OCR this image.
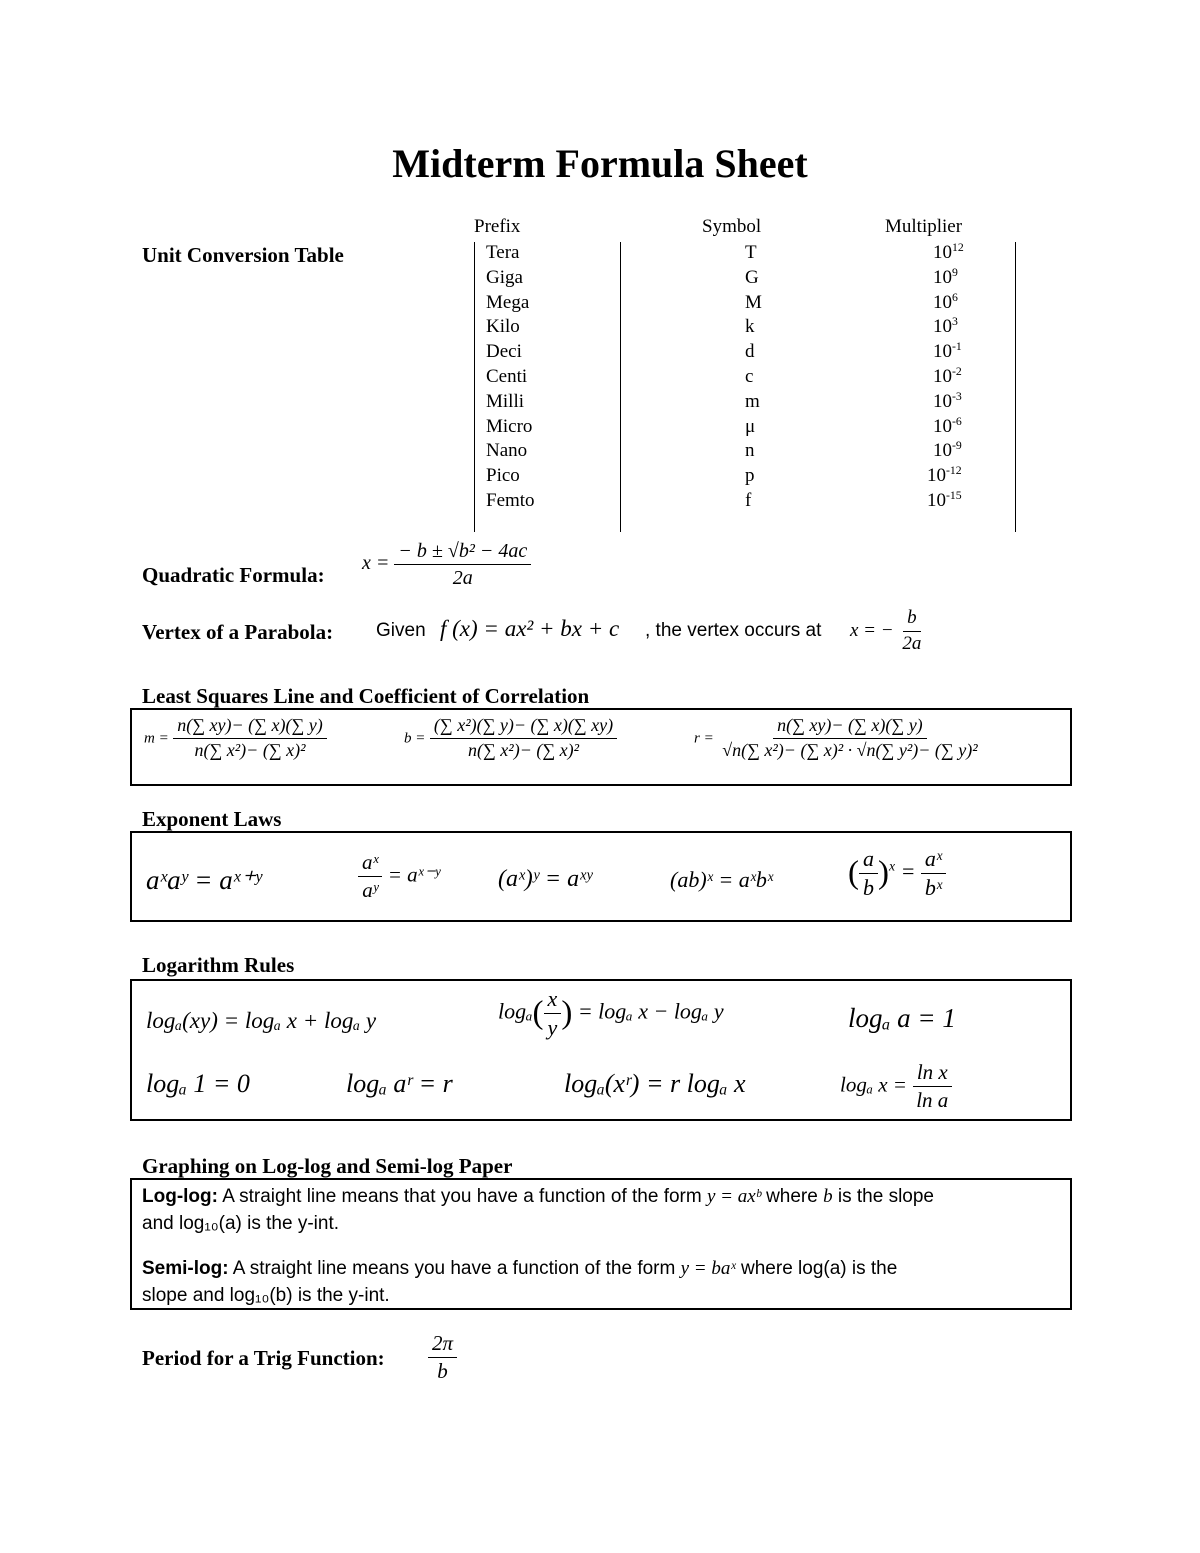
Midterm Formula Sheet
Unit Conversion Table
Prefix	Symbol	Multiplier
Tera	T	$10^{12}$
Giga	G	$10^9$
Mega	M	$10^6$
Kilo	k	$10^3$
Deci	d	$10^{-1}$
Centi	c	$10^{-2}$
Milli	m	$10^{-3}$
Micro	μ	$10^{-6}$
Nano	n	$10^{-9}$
Pico	p	$10^{-12}$
Femto	f	$10^{-15}$
Quadratic Formula: $x = \frac{\text{− b ± √b² − 4ac}}{2a}$
Vertex of a Parabola: Given f (x) = ax² + bx + c , the vertex occurs at x = − $\frac{b}{2a}$
Least Squares Line and Coefficient of Correlation
$m = \frac{n(\sum xy)- (\sum x)(\sum y)}{\text{n(∑ x²)− (∑ x)²}}$	$b = \frac{\text{(∑ x²)(∑ y)− (∑ x)(∑ xy)}}{\text{n(∑ x²)− (∑ x)²}}$	$r = \frac{n(\sum xy)- (\sum x)(\sum y)}{\text{√n(∑ x²)− (∑ x)² · √n(∑ y²)− (∑ y)²}}$
Exponent Laws
aˣaʸ = aˣ⁺ʸ	$\frac{\text{aˣ}}{\text{aʸ}}$ = aˣ⁻ʸ (aˣ)ʸ = aˣʸ	(ab)ˣ = aˣbˣ ( $\frac{a}{b} )^x = \frac{\text{aˣ}}{\text{bˣ}}$
Logarithm Rules
logₐ(xy) = logₐ x + logₐ y	$\log_a( \frac{x}{y}$ ) = logₐ x − logₐ y	logₐ a = 1
logₐ 1 = 0	logₐ aʳ = r	logₐ(xʳ) = r logₐ x	logₐ $x = \frac{\text{ln x}}{\text{ln a}}$
Graphing on Log-log and Semi-log Paper
Log-log: A straight line means that you have a function of the form y = axᵇ where b is the slope
and log₁₀(a) is the y-int.
Semi-log: A straight line means you have a function of the form y = baˣ where log(a) is the
slope and log₁₀(b) is the y-int.
Period for a Trig Function: $\frac{2\pi}{b}$
